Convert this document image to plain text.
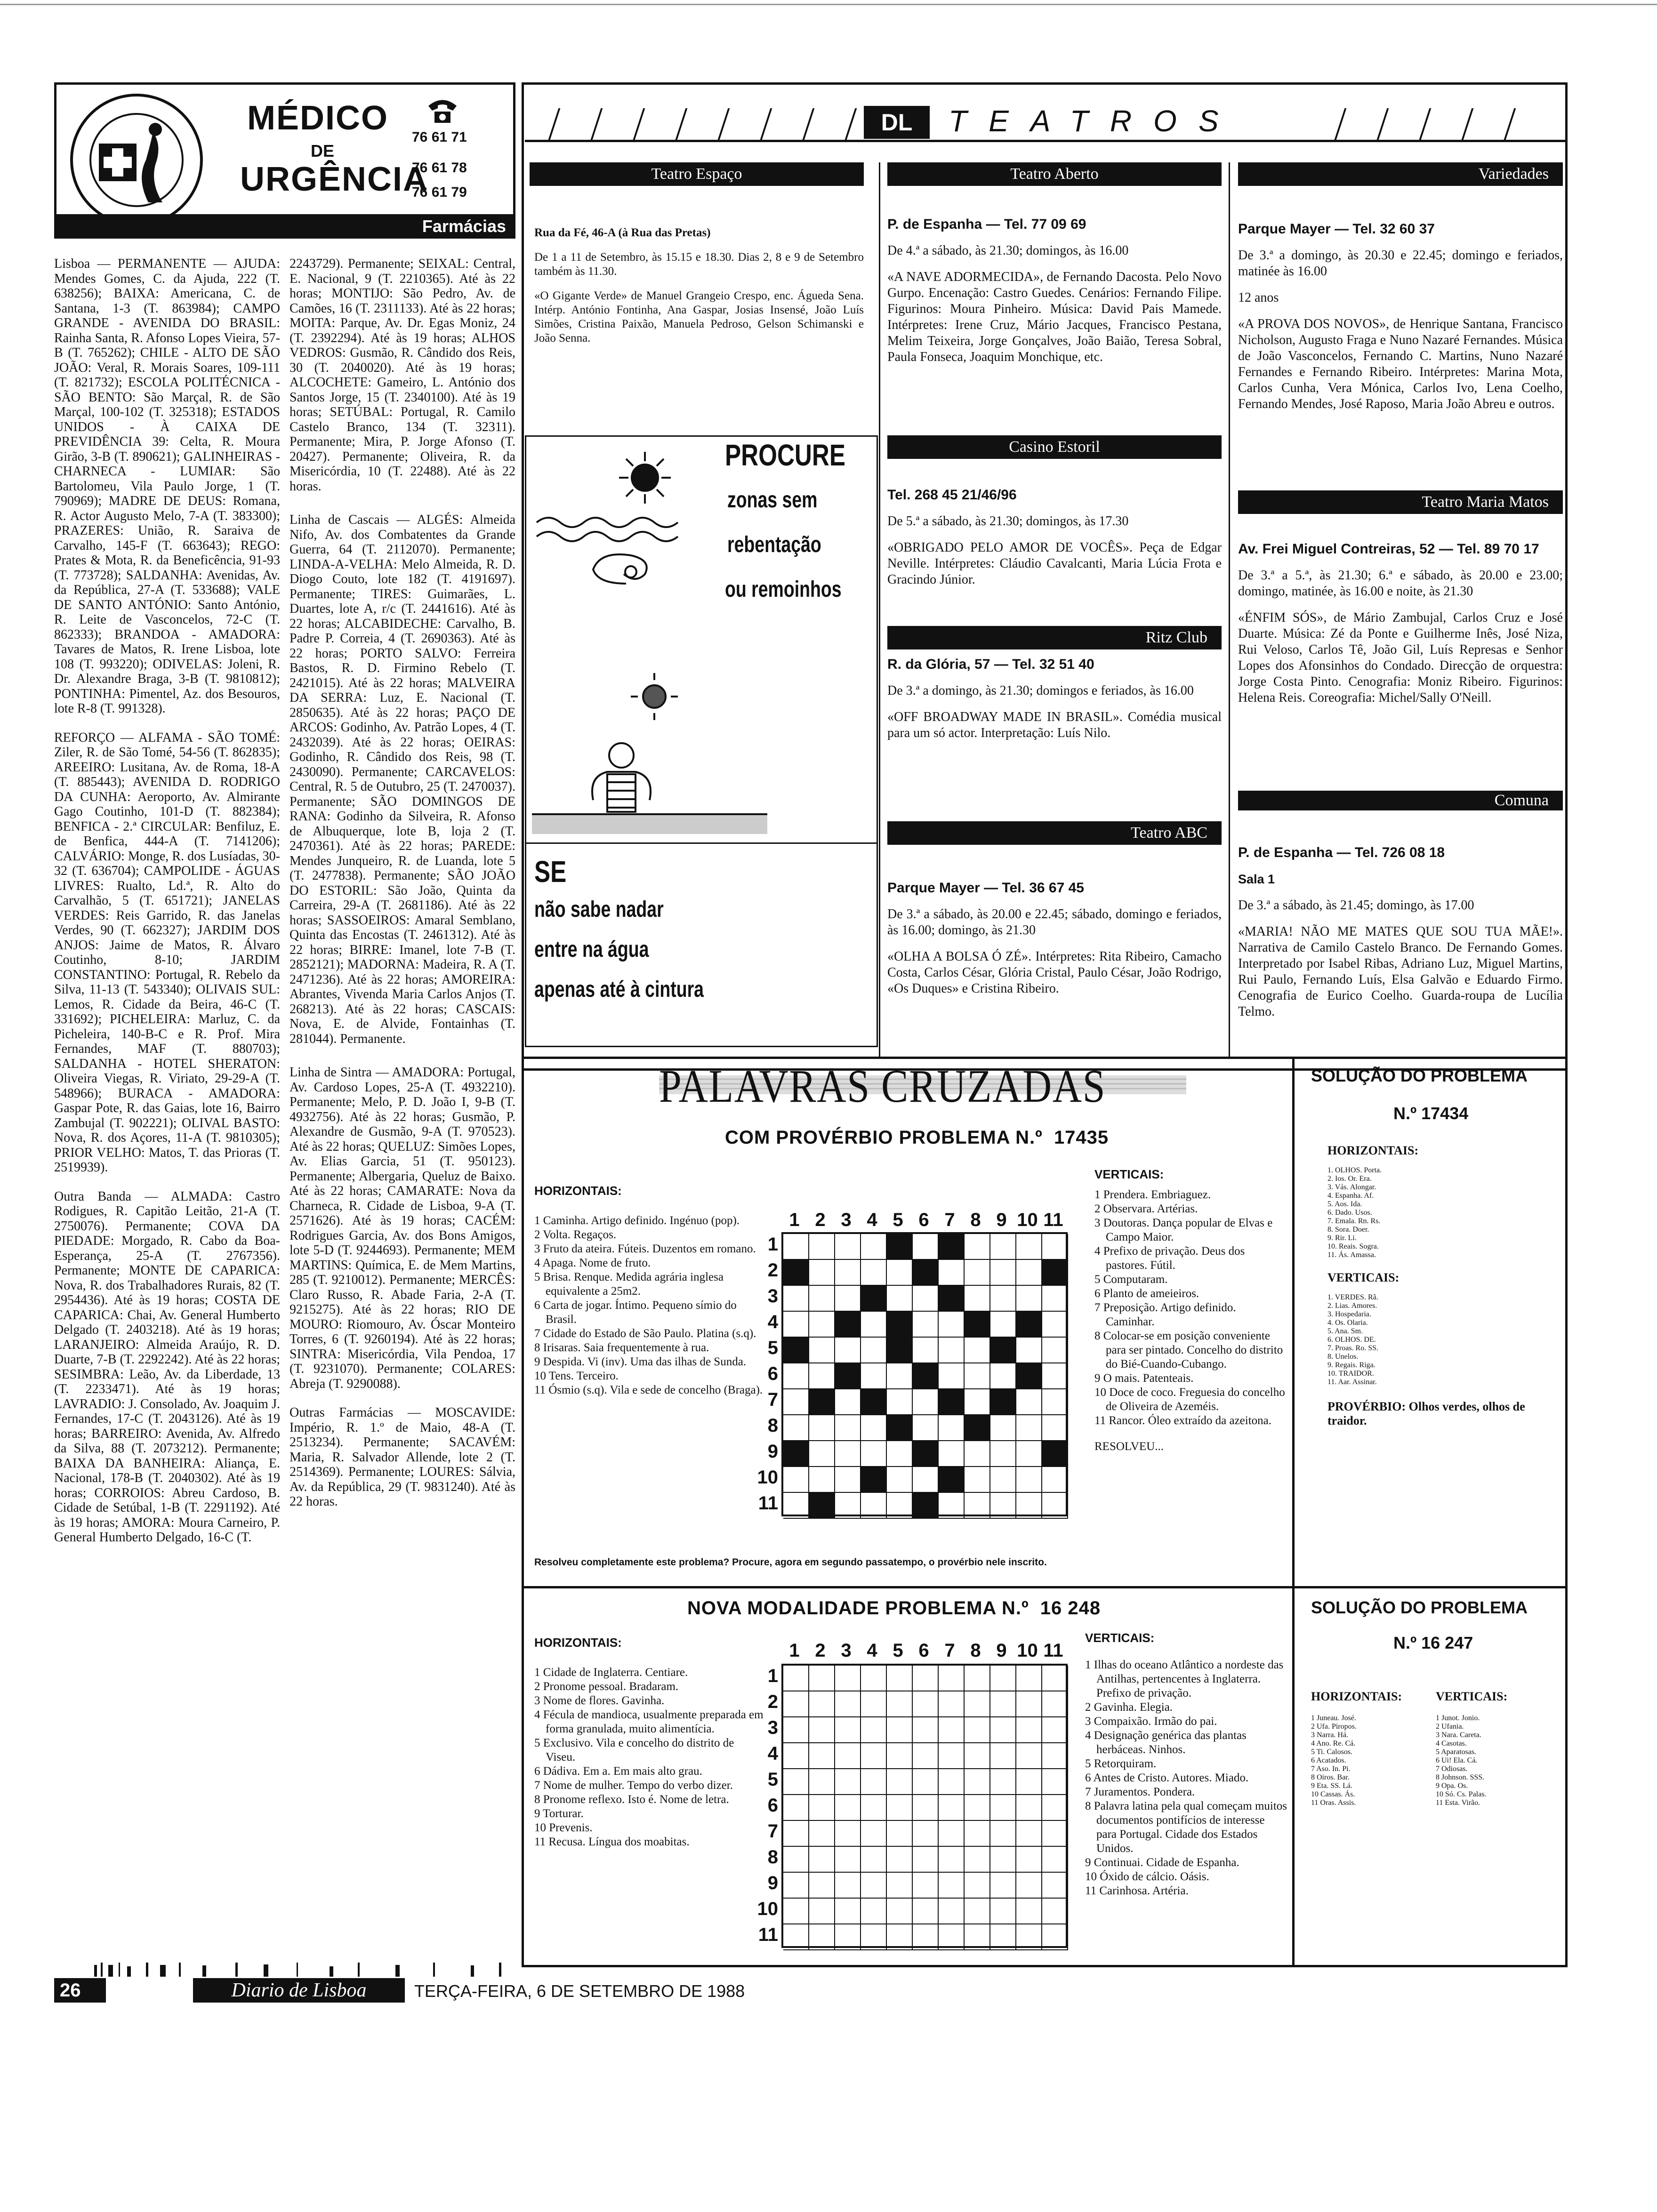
MÉDICO
DE
URGÊNCIA
76 61 71
76 61 78
76 61 79
Farmácias

Lisboa — PERMANENTE — AJUDA: Mendes Gomes, C. da Ajuda, 222 (T. 638256); BAIXA: Americana, C. de Santana, 1-3 (T. 863984); CAMPO GRANDE - AVENIDA DO BRASIL: Rainha Santa, R. Afonso Lopes Vieira, 57-B (T. 765262); CHILE - ALTO DE SÃO JOÃO: Veral, R. Morais Soares, 109-111 (T. 821732); ESCOLA POLITÉCNICA - SÃO BENTO: São Marçal, R. de São Marçal, 100-102 (T. 325318); ESTADOS UNIDOS - À CAIXA DE PREVIDÊNCIA 39: Celta, R. Moura Girão, 3-B (T. 890621); GALINHEIRAS - CHARNECA - LUMIAR: São Bartolomeu, Vila Paulo Jorge, 1 (T. 790969); MADRE DE DEUS: Romana, R. Actor Augusto Melo, 7-A (T. 383300); PRAZERES: União, R. Saraiva de Carvalho, 145-F (T. 663643); REGO: Prates & Mota, R. da Beneficência, 91-93 (T. 773728); SALDANHA: Avenidas, Av. da República, 27-A (T. 533688); VALE DE SANTO ANTÓNIO: Santo António, R. Leite de Vasconcelos, 72-C (T. 862333); BRANDOA - AMADORA: Tavares de Matos, R. Irene Lisboa, lote 108 (T. 993220); ODIVELAS: Joleni, R. Dr. Alexandre Braga, 3-B (T. 9810812); PONTINHA: Pimentel, Az. dos Besouros, lote R-8 (T. 991328).

REFORÇO — ALFAMA - SÃO TOMÉ: Ziler, R. de São Tomé, 54-56 (T. 862835); AREEIRO: Lusitana, Av. de Roma, 18-A (T. 885443); AVENIDA D. RODRIGO DA CUNHA: Aeroporto, Av. Almirante Gago Coutinho, 101-D (T. 882384); BENFICA - 2.ª CIRCULAR: Benfiluz, E. de Benfica, 444-A (T. 7141206); CALVÁRIO: Monge, R. dos Lusíadas, 30-32 (T. 636704); CAMPOLIDE - ÁGUAS LIVRES: Rualto, Ld.ª, R. Alto do Carvalhão, 5 (T. 651721); JANELAS VERDES: Reis Garrido, R. das Janelas Verdes, 90 (T. 662327); JARDIM DOS ANJOS: Jaime de Matos, R. Álvaro Coutinho, 8-10; JARDIM CONSTANTINO: Portugal, R. Rebelo da Silva, 11-13 (T. 543340); OLIVAIS SUL: Lemos, R. Cidade da Beira, 46-C (T. 331692); PICHELEIRA: Marluz, C. da Picheleira, 140-B-C e R. Prof. Mira Fernandes, MAF (T. 880703); SALDANHA - HOTEL SHERATON: Oliveira Viegas, R. Viriato, 29-29-A (T. 548966); BURACA - AMADORA: Gaspar Pote, R. das Gaias, lote 16, Bairro Zambujal (T. 902221); OLIVAL BASTO: Nova, R. dos Açores, 11-A (T. 9810305); PRIOR VELHO: Matos, T. das Prioras (T. 2519939).

Outra Banda — ALMADA: Castro Rodigues, R. Capitão Leitão, 21-A (T. 2750076). Permanente; COVA DA PIEDADE: Morgado, R. Cabo da Boa-Esperança, 25-A (T. 2767356). Permanente; MONTE DE CAPARICA: Nova, R. dos Trabalhadores Rurais, 82 (T. 2954436). Até às 19 horas; COSTA DE CAPARICA: Chai, Av. General Humberto Delgado (T. 2403218). Até às 19 horas; LARANJEIRO: Almeida Araújo, R. D. Duarte, 7-B (T. 2292242). Até às 22 horas; SESIMBRA: Leão, Av. da Liberdade, 13 (T. 2233471). Até às 19 horas; LAVRADIO: J. Consolado, Av. Joaquim J. Fernandes, 17-C (T. 2043126). Até às 19 horas; BARREIRO: Avenida, Av. Alfredo da Silva, 88 (T. 2073212). Permanente; BAIXA DA BANHEIRA: Aliança, E. Nacional, 178-B (T. 2040302). Até às 19 horas; CORROIOS: Abreu Cardoso, B. Cidade de Setúbal, 1-B (T. 2291192). Até às 19 horas; AMORA: Moura Carneiro, P. General Humberto Delgado, 16-C (T.

2243729). Permanente; SEIXAL: Central, E. Nacional, 9 (T. 2210365). Até às 22 horas; MONTIJO: São Pedro, Av. de Camões, 16 (T. 2311133). Até às 22 horas; MOITA: Parque, Av. Dr. Egas Moniz, 24 (T. 2392294). Até às 19 horas; ALHOS VEDROS: Gusmão, R. Cândido dos Reis, 30 (T. 2040020). Até às 19 horas; ALCOCHETE: Gameiro, L. António dos Santos Jorge, 15 (T. 2340100). Até às 19 horas; SETÚBAL: Portugal, R. Camilo Castelo Branco, 134 (T. 32311). Permanente; Mira, P. Jorge Afonso (T. 20427). Permanente; Oliveira, R. da Misericórdia, 10 (T. 22488). Até às 22 horas.

Linha de Cascais — ALGÉS: Almeida Nifo, Av. dos Combatentes da Grande Guerra, 64 (T. 2112070). Permanente; LINDA-A-VELHA: Melo Almeida, R. D. Diogo Couto, lote 182 (T. 4191697). Permanente; TIRES: Guimarães, L. Duartes, lote A, r/c (T. 2441616). Até às 22 horas; ALCABIDECHE: Carvalho, B. Padre P. Correia, 4 (T. 2690363). Até às 22 horas; PORTO SALVO: Ferreira Bastos, R. D. Firmino Rebelo (T. 2421015). Até às 22 horas; MALVEIRA DA SERRA: Luz, E. Nacional (T. 2850635). Até às 22 horas; PAÇO DE ARCOS: Godinho, Av. Patrão Lopes, 4 (T. 2432039). Até às 22 horas; OEIRAS: Godinho, R. Cândido dos Reis, 98 (T. 2430090). Permanente; CARCAVELOS: Central, R. 5 de Outubro, 25 (T. 2470037). Permanente; SÃO DOMINGOS DE RANA: Godinho da Silveira, R. Afonso de Albuquerque, lote B, loja 2 (T. 2470361). Até às 22 horas; PAREDE: Mendes Junqueiro, R. de Luanda, lote 5 (T. 2477838). Permanente; SÃO JOÃO DO ESTORIL: São João, Quinta da Carreira, 29-A (T. 2681186). Até às 22 horas; SASSOEIROS: Amaral Semblano, Quinta das Encostas (T. 2461312). Até às 22 horas; BIRRE: Imanel, lote 7-B (T. 2852121); MADORNA: Madeira, R. A (T. 2471236). Até às 22 horas; AMOREIRA: Abrantes, Vivenda Maria Carlos Anjos (T. 268213). Até às 22 horas; CASCAIS: Nova, E. de Alvide, Fontainhas (T. 281044). Permanente.

Linha de Sintra — AMADORA: Portugal, Av. Cardoso Lopes, 25-A (T. 4932210). Permanente; Melo, P. D. João I, 9-B (T. 4932756). Até às 22 horas; Gusmão, P. Alexandre de Gusmão, 9-A (T. 970523). Até às 22 horas; QUELUZ: Simões Lopes, Av. Elias Garcia, 51 (T. 950123). Permanente; Albergaria, Queluz de Baixo. Até às 22 horas; CAMARATE: Nova da Charneca, R. Cidade de Lisboa, 9-A (T. 2571626). Até às 19 horas; CACÉM: Rodrigues Garcia, Av. dos Bons Amigos, lote 5-D (T. 9244693). Permanente; MEM MARTINS: Química, E. de Mem Martins, 285 (T. 9210012). Permanente; MERCÊS: Claro Russo, R. Abade Faria, 2-A (T. 9215275). Até às 22 horas; RIO DE MOURO: Riomouro, Av. Óscar Monteiro Torres, 6 (T. 9260194). Até às 22 horas; SINTRA: Misericórdia, Vila Pendoa, 17 (T. 9231070). Permanente; COLARES: Abreja (T. 9290088).

Outras Farmácias — MOSCAVIDE: Império, R. 1.º de Maio, 48-A (T. 2513234). Permanente; SACAVÉM: Maria, R. Salvador Allende, lote 2 (T. 2514369). Permanente; LOURES: Sálvia, Av. da República, 29 (T. 9831240). Até às 22 horas.

DL	TEATROS
Teatro Espaço

Rua da Fé, 46-A (à Rua das Pretas)

De 1 a 11 de Setembro, às 15.15 e 18.30. Dias 2, 8 e 9 de Setembro também às 11.30.

«O Gigante Verde» de Manuel Grangeio Crespo, enc. Águeda Sena. Intérp. António Fontinha, Ana Gaspar, Josias Insensé, João Luís Simões, Cristina Paixão, Manuela Pedroso, Gelson Schimanski e João Senna.

PROCURE
zonas sem
rebentação
ou remoinhos
SE
não sabe nadar
entre na água
apenas até à cintura
Teatro Aberto

P. de Espanha — Tel. 77 09 69

De 4.ª a sábado, às 21.30; domingos, às 16.00

«A NAVE ADORMECIDA», de Fernando Dacosta. Pelo Novo Gurpo. Encenação: Castro Guedes. Cenários: Fernando Filipe. Figurinos: Moura Pinheiro. Música: David Pais Mamede. Intérpretes: Irene Cruz, Mário Jacques, Francisco Pestana, Melim Teixeira, Jorge Gonçalves, João Baião, Teresa Sobral, Paula Fonseca, Joaquim Monchique, etc.

Casino Estoril

Tel. 268 45 21/46/96

De 5.ª a sábado, às 21.30; domingos, às 17.30

«OBRIGADO PELO AMOR DE VOCÊS». Peça de Edgar Neville. Intérpretes: Cláudio Cavalcanti, Maria Lúcia Frota e Gracindo Júnior.

Ritz Club

R. da Glória, 57 — Tel. 32 51 40

De 3.ª a domingo, às 21.30; domingos e feriados, às 16.00

«OFF BROADWAY MADE IN BRASIL». Comédia musical para um só actor. Interpretação: Luís Nilo.

Teatro ABC

Parque Mayer — Tel. 36 67 45

De 3.ª a sábado, às 20.00 e 22.45; sábado, domingo e feriados, às 16.00; domingo, às 21.30

«OLHA A BOLSA Ó ZÉ». Intérpretes: Rita Ribeiro, Camacho Costa, Carlos César, Glória Cristal, Paulo César, João Rodrigo, «Os Duques» e Cristina Ribeiro.

Variedades

Parque Mayer — Tel. 32 60 37

De 3.ª a domingo, às 20.30 e 22.45; domingo e feriados, matinée às 16.00

12 anos

«A PROVA DOS NOVOS», de Henrique Santana, Francisco Nicholson, Augusto Fraga e Nuno Nazaré Fernandes. Música de João Vasconcelos, Fernando C. Martins, Nuno Nazaré Fernandes e Fernando Ribeiro. Intérpretes: Marina Mota, Carlos Cunha, Vera Mónica, Carlos Ivo, Lena Coelho, Fernando Mendes, José Raposo, Maria João Abreu e outros.

Teatro Maria Matos

Av. Frei Miguel Contreiras, 52 — Tel. 89 70 17

De 3.ª a 5.ª, às 21.30; 6.ª e sábado, às 20.00 e 23.00; domingo, matinée, às 16.00 e noite, às 21.30

«ÉNFIM SÓS», de Mário Zambujal, Carlos Cruz e José Duarte. Música: Zé da Ponte e Guilherme Inês, José Niza, Rui Veloso, Carlos Tê, João Gil, Luís Represas e Senhor Lopes dos Afonsinhos do Condado. Direcção de orquestra: Jorge Costa Pinto. Cenografia: Moniz Ribeiro. Figurinos: Helena Reis. Coreografia: Michel/Sally O'Neill.

Comuna

P. de Espanha — Tel. 726 08 18

Sala 1

De 3.ª a sábado, às 21.45; domingo, às 17.00

«MARIA! NÃO ME MATES QUE SOU TUA MÃE!». Narrativa de Camilo Castelo Branco. De Fernando Gomes. Interpretado por Isabel Ribas, Adriano Luz, Miguel Martins, Rui Paulo, Fernando Luís, Elsa Galvão e Eduardo Firmo. Cenografia de Eurico Coelho. Guarda-roupa de Lucília Telmo.

PALAVRAS CRUZADAS
COM PROVÉRBIO PROBLEMA N.º  17435
HORIZONTAIS:
1 Caminha. Artigo definido. Ingénuo (pop).
2 Volta. Regaços.
3 Fruto da ateira. Fúteis. Duzentos em romano.
4 Apaga. Nome de fruto.
5 Brisa. Renque. Medida agrária inglesa equivalente a 25m2.
6 Carta de jogar. Íntimo. Pequeno símio do Brasil.
7 Cidade do Estado de São Paulo. Platina (s.q).
8 Irisaras. Saia frequentemente à rua.
9 Despida. Vi (inv). Uma das ilhas de Sunda.
10 Tens. Terceiro.
11 Ósmio (s.q). Vila e sede de concelho (Braga).
VERTICAIS:
1 Prendera. Embriaguez.
2 Observara. Artérias.
3 Doutoras. Dança popular de Elvas e Campo Maior.
4 Prefixo de privação. Deus dos pastores. Fútil.
5 Computaram.
6 Planto de ameieiros.
7 Preposição. Artigo definido. Caminhar.
8 Colocar-se em posição conveniente para ser pintado. Concelho do distrito do Bié-Cuando-Cubango.
9 O mais. Patenteais.
10 Doce de coco. Freguesia do concelho de Oliveira de Azeméis.
11 Rancor. Óleo extraído da azeitona.
RESOLVEU...
1 2 3 4 5 6 7 8 9 10 11
1
2
3
4
5
6
7
8
9
10
11
Resolveu completamente este problema? Procure, agora em segundo passatempo, o provérbio nele inscrito.
SOLUÇÃO DO PROBLEMA
N.º 17434

HORIZONTAIS:

1. OLHOS. Porta.
2. Ios. Or. Era.
3. Vás. Alongar.
4. Espanha. Af.
5. Aos. Ida.
6. Dado. Usos.
7. Emala. Rn. Rs.
8. Sora. Doer.
9. Rir. Li.
10. Reais. Sogra.
11. Ás. Amassa.

VERTICAIS:

1. VERDES. Rã.
2. Lias. Amores.
3. Hospedaria.
4. Os. Olaria.
5. Ana. Sm.
6. OLHOS. DE.
7. Proas. Ro. SS.
8. Unelos.
9. Regais. Riga.
10. TRAIDOR.
11. Aar. Assinar.

PROVÉRBIO: Olhos verdes, olhos de traidor.

NOVA MODALIDADE PROBLEMA N.º  16 248
HORIZONTAIS:
1 Cidade de Inglaterra. Centiare.
2 Pronome pessoal. Bradaram.
3 Nome de flores. Gavinha.
4 Fécula de mandioca, usualmente preparada em forma granulada, muito alimentícia.
5 Exclusivo. Vila e concelho do distrito de Viseu.
6 Dádiva. Em a. Em mais alto grau.
7 Nome de mulher. Tempo do verbo dizer.
8 Pronome reflexo. Isto é. Nome de letra.
9 Torturar.
10 Prevenis.
11 Recusa. Língua dos moabitas.
VERTICAIS:
1 Ilhas do oceano Atlântico a nordeste das Antilhas, pertencentes à Inglaterra. Prefixo de privação.
2 Gavinha. Elegia.
3 Compaixão. Irmão do pai.
4 Designação genérica das plantas herbáceas. Ninhos.
5 Retorquiram.
6 Antes de Cristo. Autores. Miado.
7 Juramentos. Pondera.
8 Palavra latina pela qual começam muitos documentos pontifícios de interesse para Portugal. Cidade dos Estados Unidos.
9 Continuai. Cidade de Espanha.
10 Óxido de cálcio. Oásis.
11 Carinhosa. Artéria.
1 2 3 4 5 6 7 8 9 10 11
1
2
3
4
5
6
7
8
9
10
11
SOLUÇÃO DO PROBLEMA
N.º 16 247

HORIZONTAIS:

1 Juneau. José.
2 Ufa. Piropos.
3 Narra. Há.
4 Ano. Re. Cá.
5 Ti. Calosos.
6 Acatados.
7 Aso. In. Pi.
8 Oiros. Bar.
9 Eta. SS. Lá.
10 Cassas. Ás.
11 Oras. Assis.

VERTICAIS:

1 Junot. Jonio.
2 Ufania.
3 Nara. Careta.
4 Casotas.
5 Aparatosas.
6 Ui! Ela. Cá.
7 Odiosas.
8 Johnson. SSS.
9 Opa. Os.
10 Só. Cs. Palas.
11 Esta. Virão.
26	Diario de Lisboa	TERÇA-FEIRA, 6 DE SETEMBRO DE 1988
